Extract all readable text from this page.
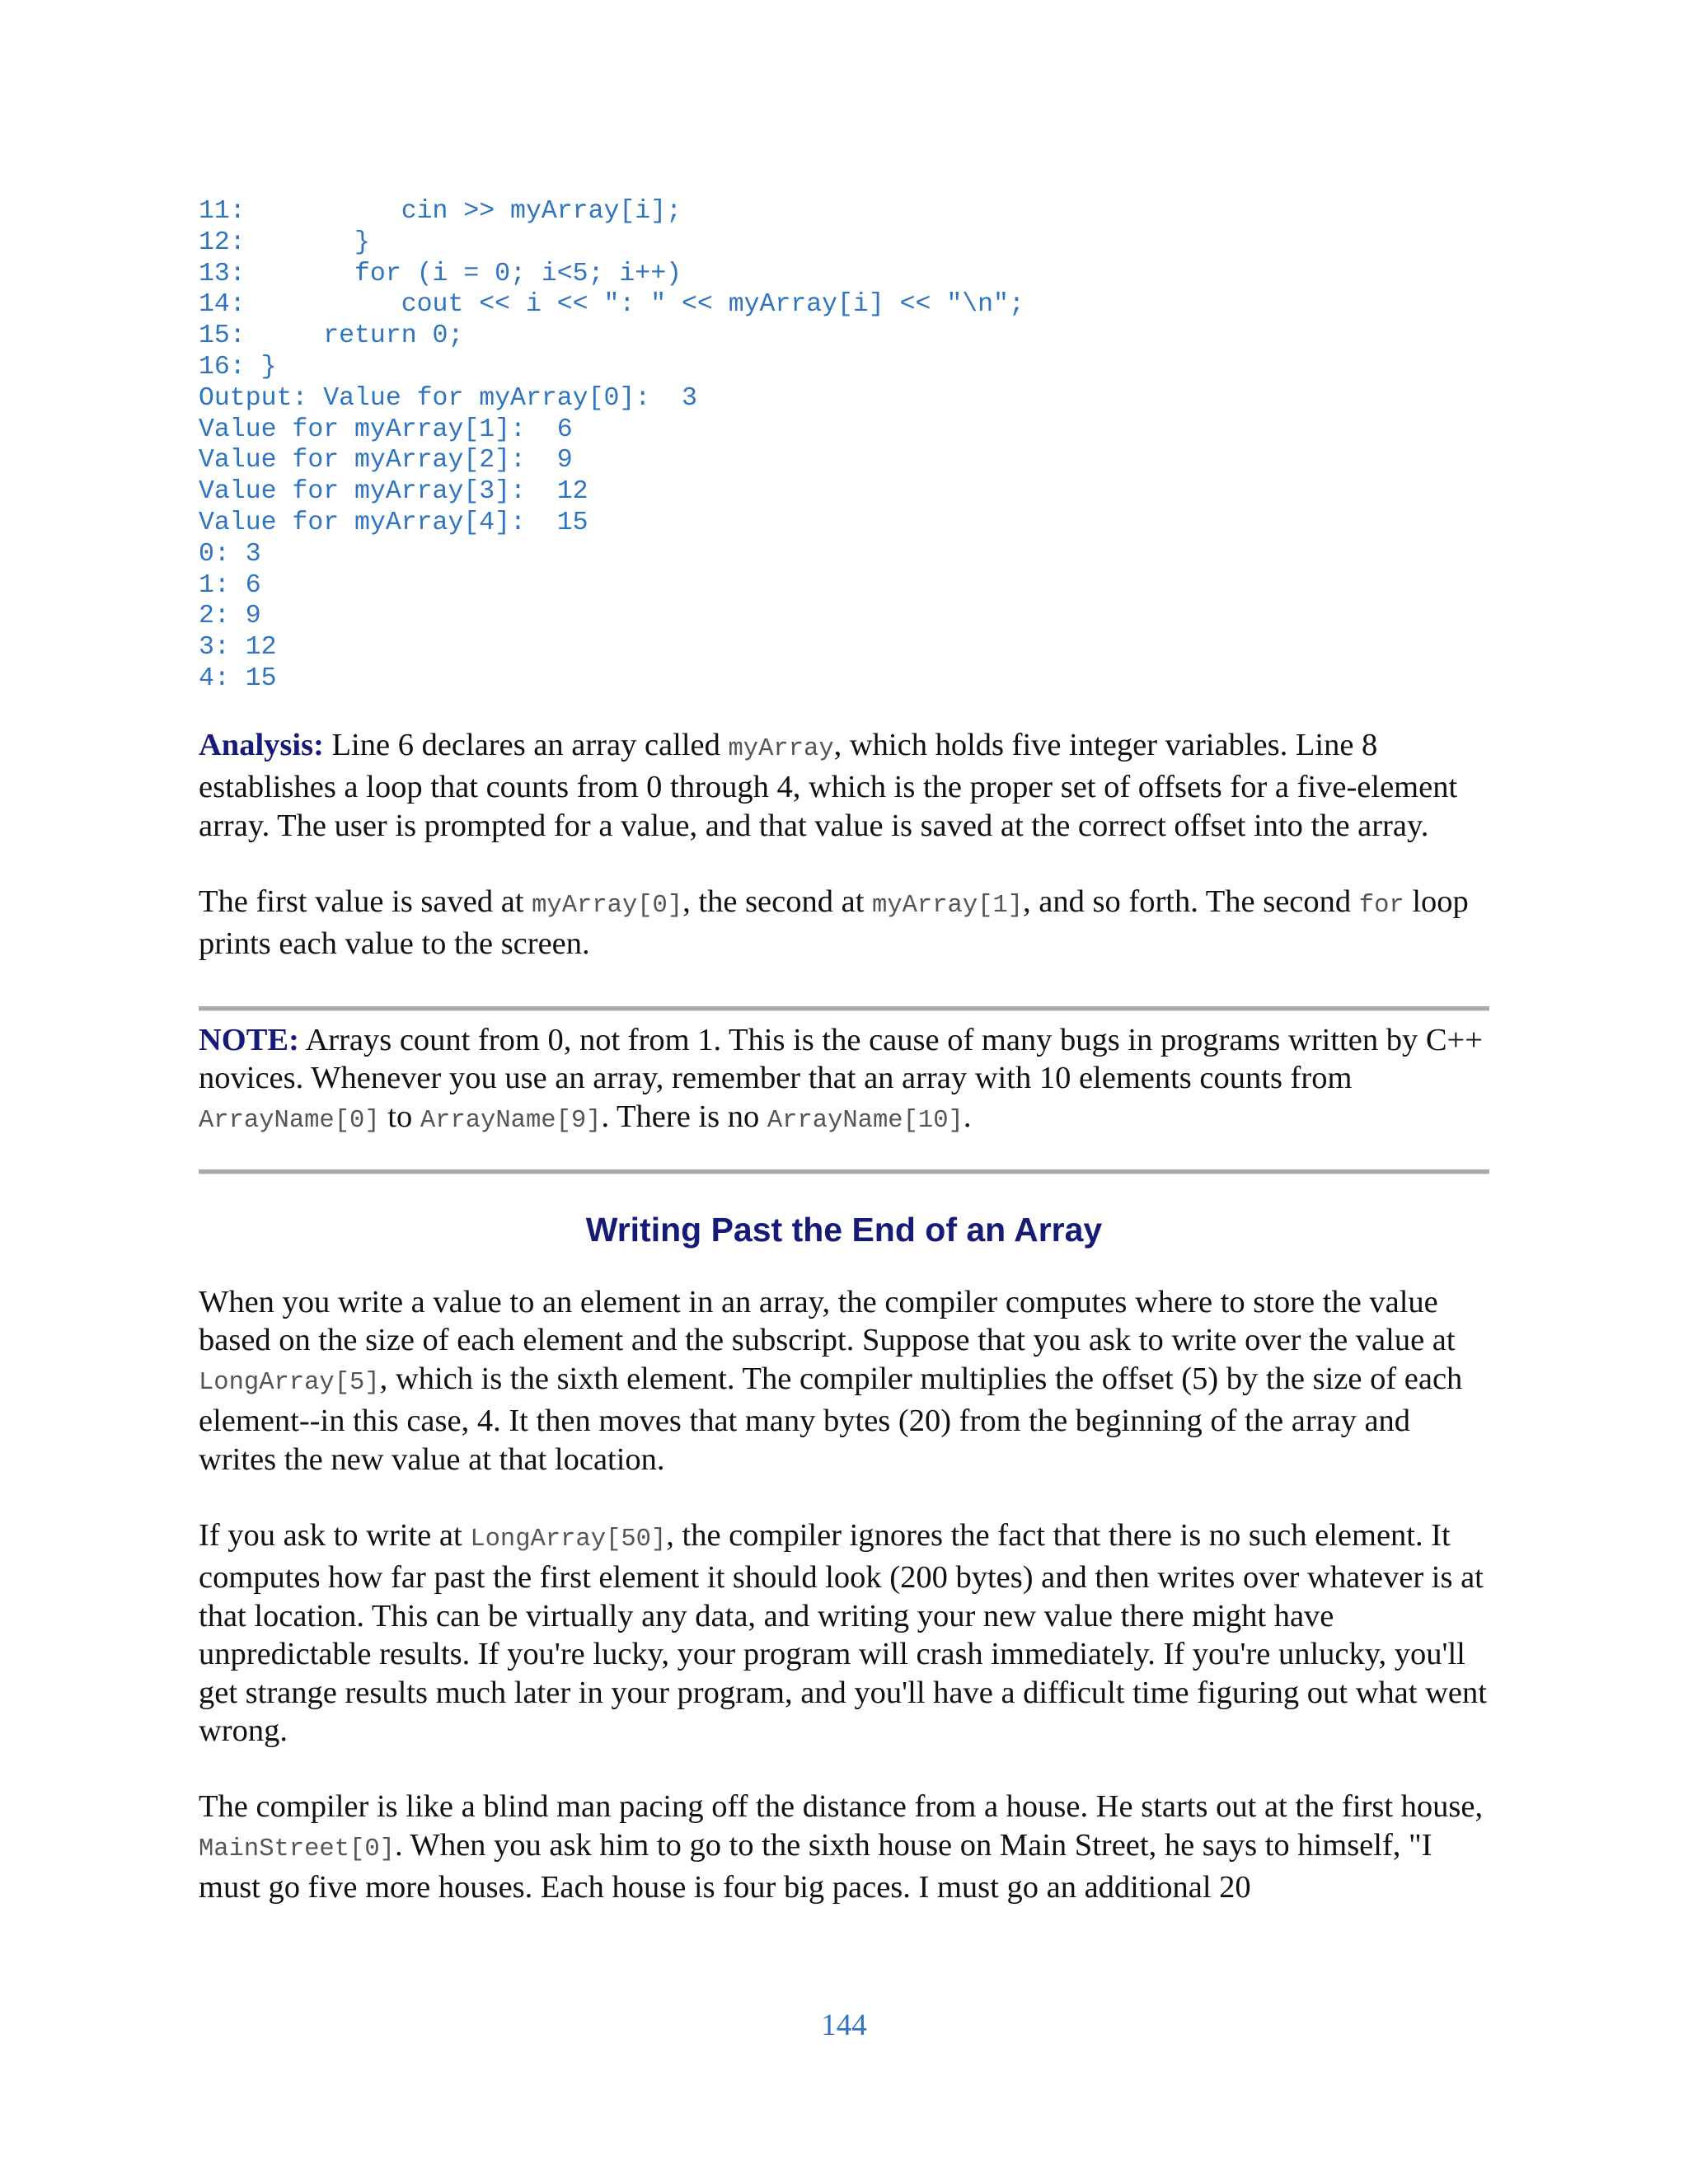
11:          cin >> myArray[i];
12:       }
13:       for (i = 0; i<5; i++)
14:          cout << i << ": " << myArray[i] << "\n";
15:     return 0;
16: }
Output: Value for myArray[0]:  3
Value for myArray[1]:  6
Value for myArray[2]:  9
Value for myArray[3]:  12
Value for myArray[4]:  15
0: 3
1: 6
2: 9
3: 12
4: 15

Analysis: Line 6 declares an array called myArray, which holds five integer variables. Line 8 establishes a loop that counts from 0 through 4, which is the proper set of offsets for a five-element array. The user is prompted for a value, and that value is saved at the correct offset into the array.

The first value is saved at myArray[0], the second at myArray[1], and so forth. The second for loop prints each value to the screen.

NOTE: Arrays count from 0, not from 1. This is the cause of many bugs in programs written by C++ novices. Whenever you use an array, remember that an array with 10 elements counts from ArrayName[0] to ArrayName[9]. There is no ArrayName[10].

Writing Past the End of an Array

When you write a value to an element in an array, the compiler computes where to store the value based on the size of each element and the subscript. Suppose that you ask to write over the value at LongArray[5], which is the sixth element. The compiler multiplies the offset (5) by the size of each element--in this case, 4. It then moves that many bytes (20) from the beginning of the array and writes the new value at that location.

If you ask to write at LongArray[50], the compiler ignores the fact that there is no such element. It computes how far past the first element it should look (200 bytes) and then writes over whatever is at that location. This can be virtually any data, and writing your new value there might have unpredictable results. If you're lucky, your program will crash immediately. If you're unlucky, you'll get strange results much later in your program, and you'll have a difficult time figuring out what went wrong.

The compiler is like a blind man pacing off the distance from a house. He starts out at the first house, MainStreet[0]. When you ask him to go to the sixth house on Main Street, he says to himself, "I must go five more houses. Each house is four big paces. I must go an additional 20

144
